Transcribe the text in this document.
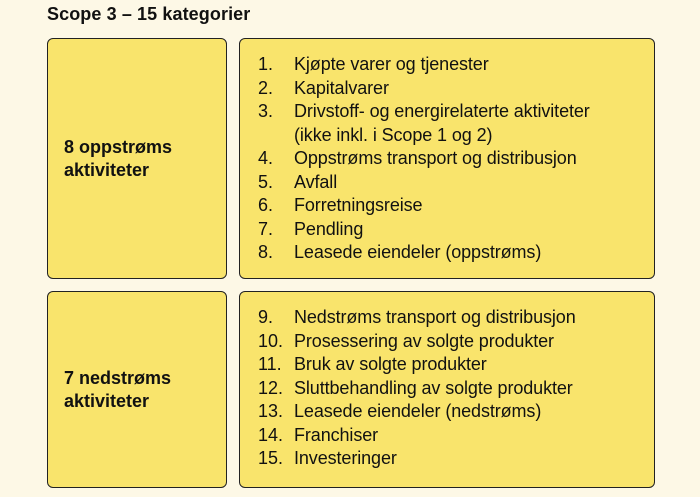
Scope 3 – 15 kategorier
8 oppstrøms
aktiviteter
1.	Kjøpte varer og tjenester
2.	Kapitalvarer
3.	Drivstoff- og energirelaterte aktiviteter
(ikke inkl. i Scope 1 og 2)
4.	Oppstrøms transport og distribusjon
5.	Avfall
6.	Forretningsreise
7.	Pendling
8.	Leasede eiendeler (oppstrøms)
7 nedstrøms
aktiviteter
9.	Nedstrøms transport og distribusjon
10. Prosessering av solgte produkter
11. Bruk av solgte produkter
12. Sluttbehandling av solgte produkter
13. Leasede eiendeler (nedstrøms)
14. Franchiser
15. Investeringer
